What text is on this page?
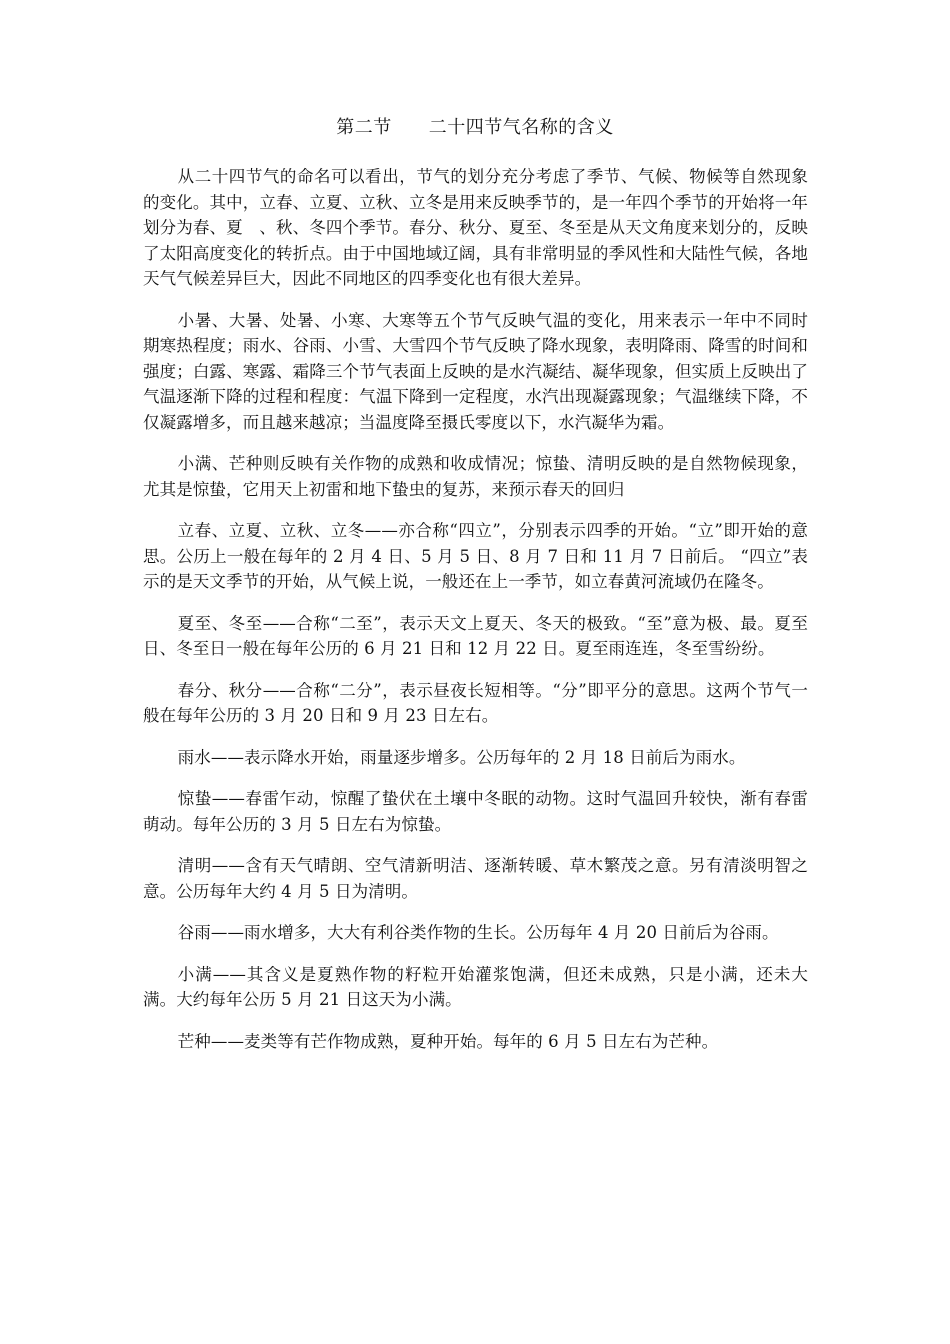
第二节　　二十四节气名称的含义

从二十四节气的命名可以看出，节气的划分充分考虑了季节、气候、物候等自然现象的变化。其中，立春、立夏、立秋、立冬是用来反映季节的，是一年四个季节的开始将一年划分为春、夏　、秋、冬四个季节。春分、秋分、夏至、冬至是从天文角度来划分的，反映了太阳高度变化的转折点。由于中国地域辽阔，具有非常明显的季风性和大陆性气候，各地天气气候差异巨大，因此不同地区的四季变化也有很大差异。

小暑、大暑、处暑、小寒、大寒等五个节气反映气温的变化，用来表示一年中不同时期寒热程度；雨水、谷雨、小雪、大雪四个节气反映了降水现象，表明降雨、降雪的时间和强度；白露、寒露、霜降三个节气表面上反映的是水汽凝结、凝华现象，但实质上反映出了气温逐渐下降的过程和程度：气温下降到一定程度，水汽出现凝露现象；气温继续下降，不仅凝露增多，而且越来越凉；当温度降至摄氏零度以下，水汽凝华为霜。

小满、芒种则反映有关作物的成熟和收成情况；惊蛰、清明反映的是自然物候现象，尤其是惊蛰，它用天上初雷和地下蛰虫的复苏，来预示春天的回归

立春、立夏、立秋、立冬——亦合称“四立”，分别表示四季的开始。“立”即开始的意思。公历上一般在每年的 2 月 4 日、5 月 5 日、8 月 7 日和 11 月 7 日前后。 “四立”表示的是天文季节的开始，从气候上说，一般还在上一季节，如立春黄河流域仍在隆冬。

夏至、冬至——合称“二至”，表示天文上夏天、冬天的极致。“至”意为极、最。夏至日、冬至日一般在每年公历的 6 月 21 日和 12 月 22 日。夏至雨连连，冬至雪纷纷。

春分、秋分——合称“二分”，表示昼夜长短相等。“分”即平分的意思。这两个节气一般在每年公历的 3 月 20 日和 9 月 23 日左右。

雨水——表示降水开始，雨量逐步增多。公历每年的 2 月 18 日前后为雨水。

惊蛰——春雷乍动，惊醒了蛰伏在土壤中冬眠的动物。这时气温回升较快，渐有春雷萌动。每年公历的 3 月 5 日左右为惊蛰。

清明——含有天气晴朗、空气清新明洁、逐渐转暖、草木繁茂之意。另有清淡明智之意。公历每年大约 4 月 5 日为清明。

谷雨——雨水增多，大大有利谷类作物的生长。公历每年 4 月 20 日前后为谷雨。

小满——其含义是夏熟作物的籽粒开始灌浆饱满，但还未成熟，只是小满，还未大满。大约每年公历 5 月 21 日这天为小满。

芒种——麦类等有芒作物成熟，夏种开始。每年的 6 月 5 日左右为芒种。
